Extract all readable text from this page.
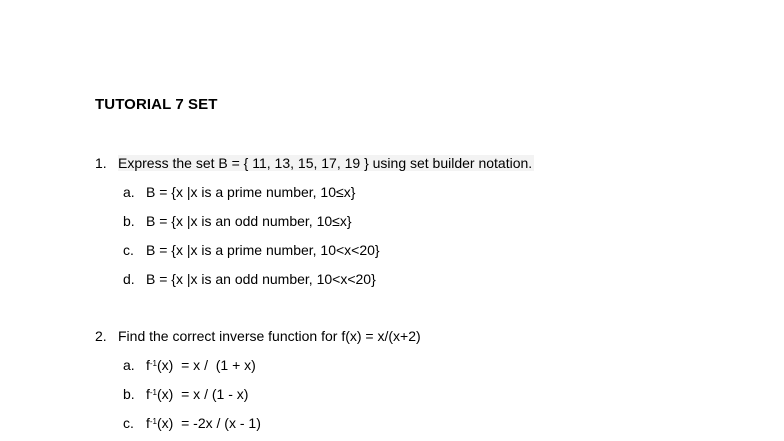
TUTORIAL 7 SET
1. Express the set B = { 11, 13, 15, 17, 19 } using set builder notation.
a. B = {x |x is a prime number, 10≤x}
b. B = {x |x is an odd number, 10≤x}
c. B = {x |x is a prime number, 10<x<20}
d. B = {x |x is an odd number, 10<x<20}
2. Find the correct inverse function for f(x) = x/(x+2)
a. $f^{-1}(x) = x / (1 + x)$
b. $f^{-1}(x) = x / (1 - x)$
c. $f^{-1}(x) = -2x / (x - 1)$
